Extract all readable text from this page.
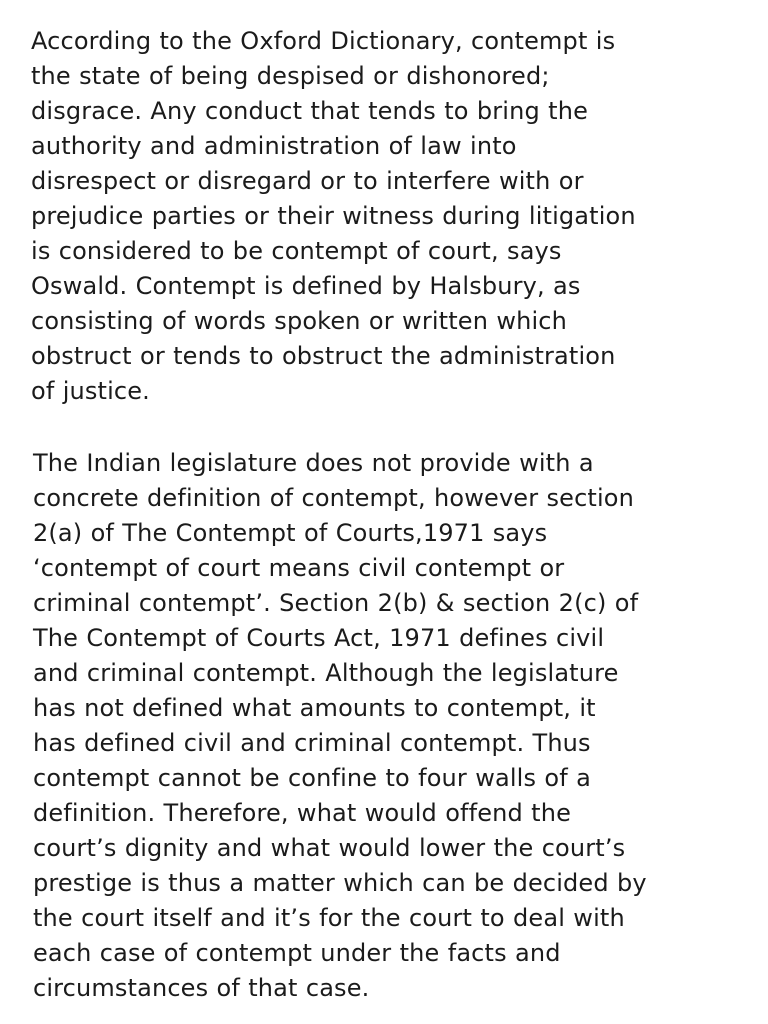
According to the Oxford Dictionary, contempt is
the state of being despised or dishonored;
disgrace. Any conduct that tends to bring the
authority and administration of law into
disrespect or disregard or to interfere with or
prejudice parties or their witness during litigation
is considered to be contempt of court, says
Oswald. Contempt is defined by Halsbury, as
consisting of words spoken or written which
obstruct or tends to obstruct the administration
of justice.

The Indian legislature does not provide with a
concrete definition of contempt, however section
2(a) of The Contempt of Courts,1971 says
‘contempt of court means civil contempt or
criminal contempt’. Section 2(b) & section 2(c) of
The Contempt of Courts Act, 1971 defines civil
and criminal contempt. Although the legislature
has not defined what amounts to contempt, it
has defined civil and criminal contempt. Thus
contempt cannot be confine to four walls of a
definition. Therefore, what would offend the
court’s dignity and what would lower the court’s
prestige is thus a matter which can be decided by
the court itself and it’s for the court to deal with
each case of contempt under the facts and
circumstances of that case.
